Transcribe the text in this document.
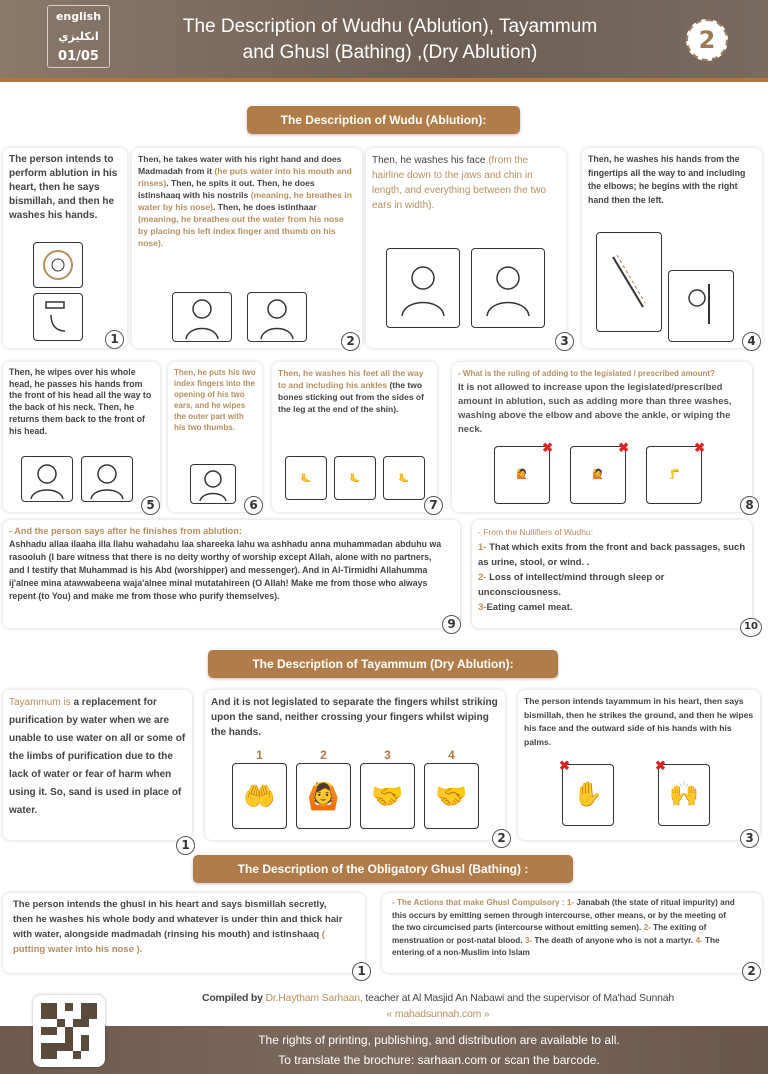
english
انكليزي
01/05
The Description of Wudhu (Ablution), Tayammum
and Ghusl (Bathing) ,(Dry Ablution)	2
The Description of Wudu (Ablution):
The person intends to perform ablution in his heart, then he says bismillah, and then he washes his hands.
1
Then, he takes water with his right hand and does Madmadah from it (he puts water into his mouth and rinses). Then, he spits it out. Then, he does istinshaaq with his nostrils (meaning, he breathes in water by his nose). Then, he does istinthaar (meaning, he breathes out the water from his nose by placing his left index finger and thumb on his nose).
2
Then, he washes his face (from the hairline down to the jaws and chin in length, and everything between the two ears in width).
3
Then, he washes his hands from the fingertips all the way to and including the elbows; he begins with the right hand then the left.
4
Then, he wipes over his whole head, he passes his hands from the front of his head all the way to the back of his neck. Then, he returns them back to the front of his head.
5
Then, he puts his two index fingers into the opening of his two ears, and he wipes the outer part with his two thumbs.
6
Then, he washes his feet all the way to and including his ankles (the two bones sticking out from the sides of the leg at the end of the shin).
🦶	🦶	🦶
7
- What is the ruling of adding to the legislated / prescribed amount?
It is not allowed to increase upon the legislated/prescribed amount in ablution, such as adding more than three washes, washing above the elbow and above the ankle, or wiping the neck.
✖
🙋
✖
🙋
✖
🦵
8
- And the person says after he finishes from ablution:
Ashhadu allaa ilaaha illa llahu wahadahu laa shareeka lahu wa ashhadu anna muhammadan abduhu wa rasooluh (I bare witness that there is no deity worthy of worship except Allah, alone with no partners, and I testify that Muhammad is his Abd (worshipper) and messenger). And in Al-Tirmidhi Allahumma ij'alnee mina atawwabeena waja'alnee minal mutatahireen (O Allah! Make me from those who always repent (to You) and make me from those who purify themselves).
9
- From the Nullifiers of Wudhu:
1- That which exits from the front and back passages, such as urine, stool, or wind. .
2- Loss of intellect/mind through sleep or unconsciousness.
3-Eating camel meat.
10
The Description of Tayammum (Dry Ablution):
Tayammum is a replacement for purification by water when we are unable to use water on all or some of the limbs of purification due to the lack of water or fear of harm when using it. So, sand is used in place of water.
1
And it is not legislated to separate the fingers whilst striking upon the sand, neither crossing your fingers whilst wiping the hands.
1
🤲
2
🙆
3
🤝
4
🤝
2
The person intends tayammum in his heart, then says bismillah, then he strikes the ground, and then he wipes his face and the outward side of his hands with his palms.
✖
✋
✖
🙌
3
The Description of the Obligatory Ghusl (Bathing) :
The person intends the ghusl in his heart and says bismillah secretly, then he washes his whole body and whatever is under thin and thick hair with water, alongside madmadah (rinsing his mouth) and istinshaaq ( putting water into his nose ).
1
- The Actions that make Ghusl Compulsory : 1- Janabah (the state of ritual impurity) and this occurs by emitting semen through intercourse, other means, or by the meeting of the two circumcised parts (intercourse without emitting semen). 2- The exiting of menstruation or post-natal blood. 3- The death of anyone who is not a martyr. 4- The entering of a non-Muslim into Islam
2
Compiled by Dr.Haytham Sarhaan, teacher at Al Masjid An Nabawi and the supervisor of Ma'had Sunnah
« mahadsunnah.com »
The rights of printing, publishing, and distribution are available to all.
To translate the brochure: sarhaan.com or scan the barcode.
